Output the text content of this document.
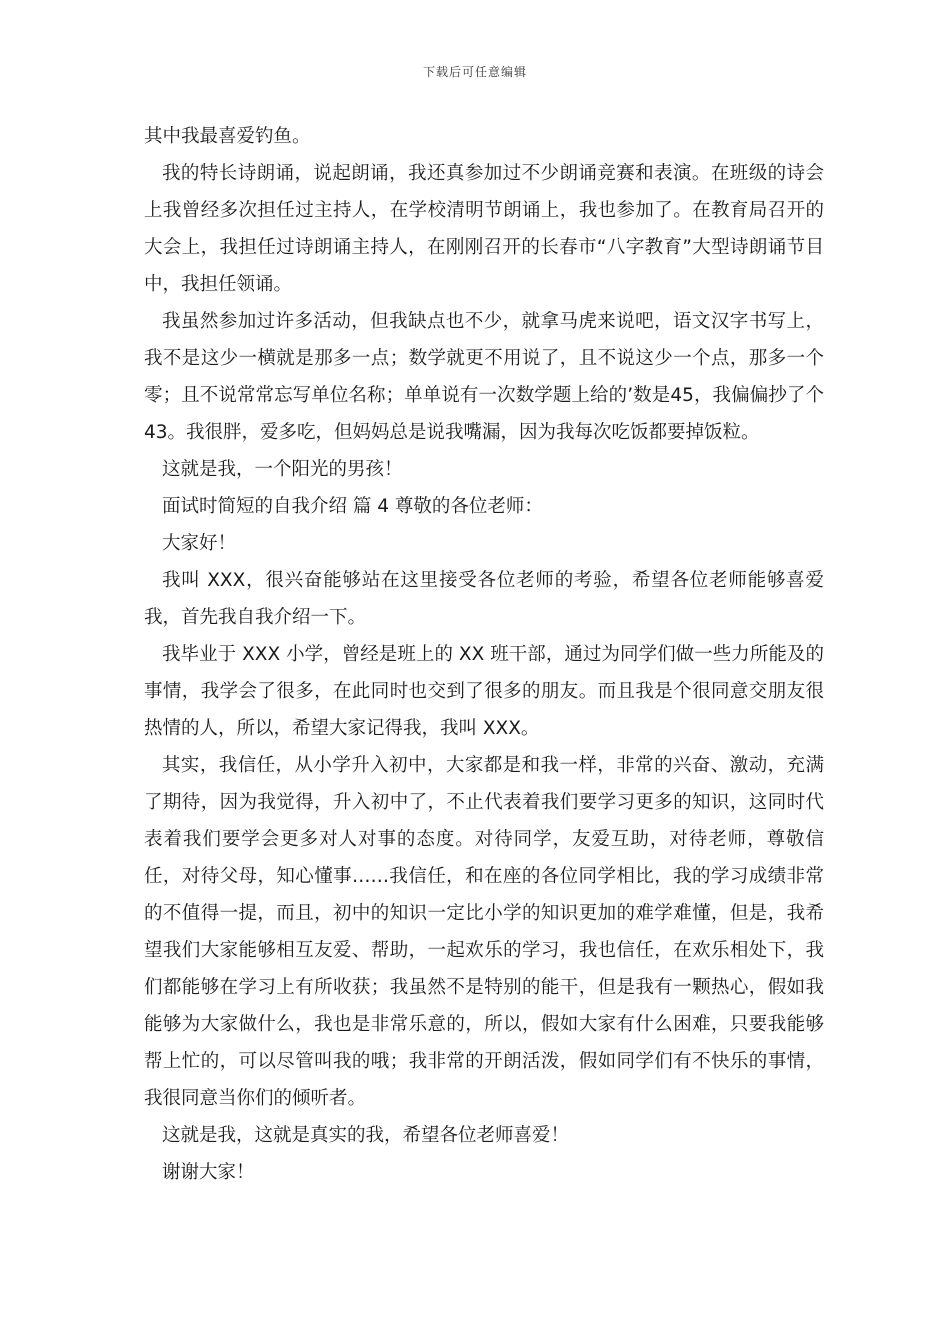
下载后可任意编辑

其中我最喜爱钓鱼。

我的特长诗朗诵，说起朗诵，我还真参加过不少朗诵竞赛和表演。在班级的诗会上我曾经多次担任过主持人，在学校清明节朗诵上，我也参加了。在教育局召开的大会上，我担任过诗朗诵主持人，在刚刚召开的长春市“八字教育”大型诗朗诵节目中，我担任领诵。

我虽然参加过许多活动，但我缺点也不少，就拿马虎来说吧，语文汉字书写上，我不是这少一横就是那多一点；数学就更不用说了，且不说这少一个点，那多一个零；且不说常常忘写单位名称；单单说有一次数学题上给的’数是45，我偏偏抄了个43。我很胖，爱多吃，但妈妈总是说我嘴漏，因为我每次吃饭都要掉饭粒。

这就是我，一个阳光的男孩！

面试时简短的自我介绍 篇 4 尊敬的各位老师：

大家好！

我叫 XXX，很兴奋能够站在这里接受各位老师的考验，希望各位老师能够喜爱我，首先我自我介绍一下。

我毕业于 XXX 小学，曾经是班上的 XX 班干部，通过为同学们做一些力所能及的事情，我学会了很多，在此同时也交到了很多的朋友。而且我是个很同意交朋友很热情的人，所以，希望大家记得我，我叫 XXX。

其实，我信任，从小学升入初中，大家都是和我一样，非常的兴奋、激动，充满了期待，因为我觉得，升入初中了，不止代表着我们要学习更多的知识，这同时代表着我们要学会更多对人对事的态度。对待同学，友爱互助，对待老师，尊敬信任，对待父母，知心懂事……我信任，和在座的各位同学相比，我的学习成绩非常的不值得一提，而且，初中的知识一定比小学的知识更加的难学难懂，但是，我希望我们大家能够相互友爱、帮助，一起欢乐的学习，我也信任，在欢乐相处下，我们都能够在学习上有所收获；我虽然不是特别的能干，但是我有一颗热心，假如我能够为大家做什么，我也是非常乐意的，所以，假如大家有什么困难，只要我能够帮上忙的，可以尽管叫我的哦；我非常的开朗活泼，假如同学们有不快乐的事情，我很同意当你们的倾听者。

这就是我，这就是真实的我，希望各位老师喜爱！

谢谢大家！
